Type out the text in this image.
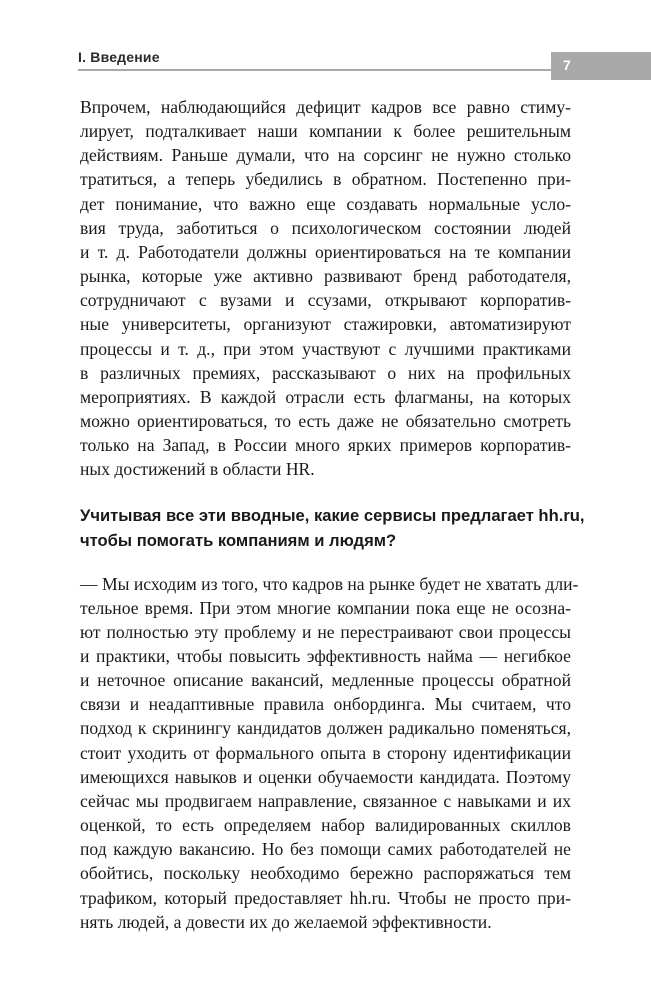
I. Введение	7
Впрочем, наблюдающийся дефицит кадров все равно стиму-
лирует, подталкивает наши компании к более решительным
действиям. Раньше думали, что на сорсинг не нужно столько
тратиться, а теперь убедились в обратном. Постепенно при-
дет понимание, что важно еще создавать нормальные усло-
вия труда, заботиться о психологическом состоянии людей
и т. д. Работодатели должны ориентироваться на те компании
рынка, которые уже активно развивают бренд работодателя,
сотрудничают с вузами и ссузами, открывают корпоратив-
ные университеты, организуют стажировки, автоматизируют
процессы и т. д., при этом участвуют с лучшими практиками
в различных премиях, рассказывают о них на профильных
мероприятиях. В каждой отрасли есть флагманы, на которых
можно ориентироваться, то есть даже не обязательно смотреть
только на Запад, в России много ярких примеров корпоратив-
ных достижений в области HR.
Учитывая все эти вводные, какие сервисы предлагает hh.ru,
чтобы помогать компаниям и людям?
— Мы исходим из того, что кадров на рынке будет не хватать дли-
тельное время. При этом многие компании пока еще не осозна-
ют полностью эту проблему и не перестраивают свои процессы
и практики, чтобы повысить эффективность найма — негибкое
и неточное описание вакансий, медленные процессы обратной
связи и неадаптивные правила онбординга. Мы считаем, что
подход к скринингу кандидатов должен радикально поменяться,
стоит уходить от формального опыта в сторону идентификации
имеющихся навыков и оценки обучаемости кандидата. Поэтому
сейчас мы продвигаем направление, связанное с навыками и их
оценкой, то есть определяем набор валидированных скиллов
под каждую вакансию. Но без помощи самих работодателей не
обойтись, поскольку необходимо бережно распоряжаться тем
трафиком, который предоставляет hh.ru. Чтобы не просто при-
нять людей, а довести их до желаемой эффективности.
